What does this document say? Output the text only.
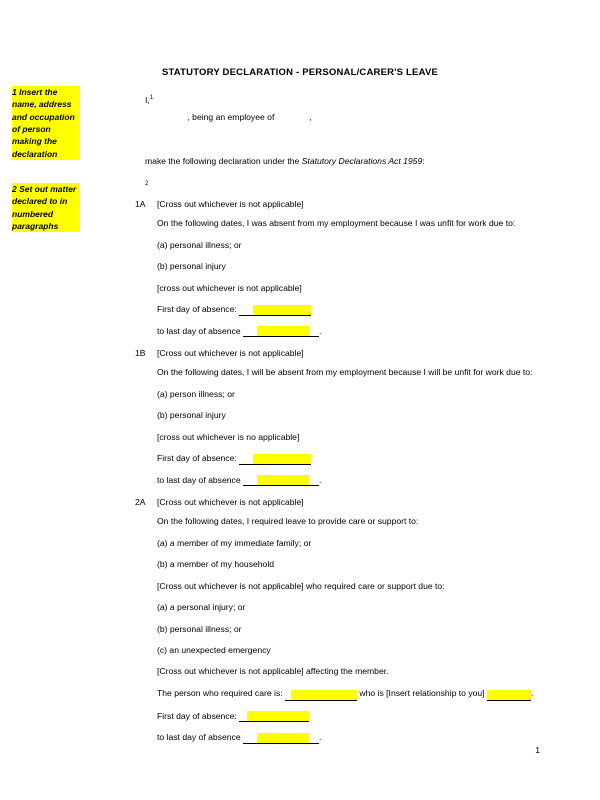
STATUTORY DECLARATION - PERSONAL/CARER'S LEAVE
1 Insert the name, address and occupation of person making the declaration
2 Set out matter declared to in numbered paragraphs
I,$^1$
, being an employee of	,
make the following declaration under the Statutory Declarations Act 1959:
2
1A [Cross out whichever is not applicable]

On the following dates, I was absent from my employment because I was unfit for work due to:

(a) personal illness; or

(b) personal injury

[cross out whichever is not applicable]

First day of absence:

to last day of absence	.

1B [Cross out whichever is not applicable]

On the following dates, I will be absent from my employment because I will be unfit for work due to:

(a) person illness; or

(b) personal injury

[cross out whichever is no applicable]

First day of absence:

to last day of absence	.

2A [Cross out whichever is not applicable]

On the following dates, I required leave to provide care or support to:

(a) a member of my immediate family; or

(b) a member of my household

[Cross out whichever is not applicable] who required care or support due to:

(a) a personal injury; or

(b) personal illness; or

(c) an unexpected emergency

[Cross out whichever is not applicable] affecting the member.

The person who required care is:	who is [Insert relationship to you]	.

First day of absence:

to last day of absence	.

1
